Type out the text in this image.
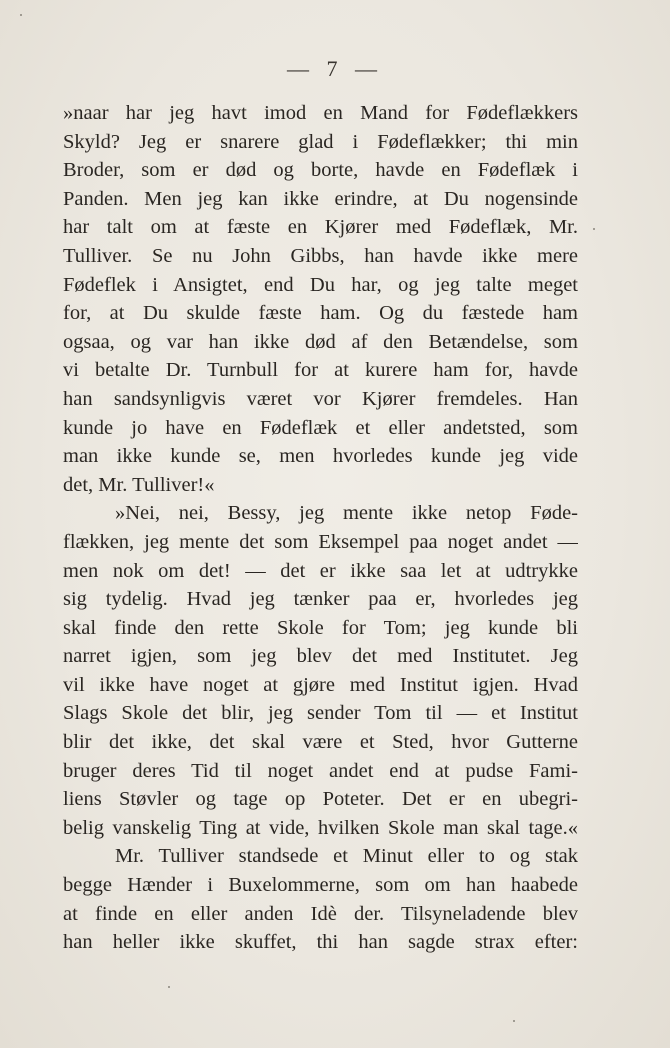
— 7 —
»naar har jeg havt imod en Mand for Fødeflækkers
Skyld? Jeg er snarere glad i Fødeflækker; thi min
Broder, som er død og borte, havde en Fødeflæk i
Panden. Men jeg kan ikke erindre, at Du nogensinde
har talt om at fæste en Kjører med Fødeflæk, Mr.
Tulliver. Se nu John Gibbs, han havde ikke mere
Fødeflek i Ansigtet, end Du har, og jeg talte meget
for, at Du skulde fæste ham. Og du fæstede ham
ogsaa, og var han ikke død af den Betændelse, som
vi betalte Dr. Turnbull for at kurere ham for, havde
han sandsynligvis været vor Kjører fremdeles. Han
kunde jo have en Fødeflæk et eller andetsted, som
man ikke kunde se, men hvorledes kunde jeg vide
det, Mr. Tulliver!«
»Nei, nei, Bessy, jeg mente ikke netop Føde-
flækken, jeg mente det som Eksempel paa noget andet —
men nok om det! — det er ikke saa let at udtrykke
sig tydelig. Hvad jeg tænker paa er, hvorledes jeg
skal finde den rette Skole for Tom; jeg kunde bli
narret igjen, som jeg blev det med Institutet. Jeg
vil ikke have noget at gjøre med Institut igjen. Hvad
Slags Skole det blir, jeg sender Tom til — et Institut
blir det ikke, det skal være et Sted, hvor Gutterne
bruger deres Tid til noget andet end at pudse Fami-
liens Støvler og tage op Poteter. Det er en ubegri-
belig vanskelig Ting at vide, hvilken Skole man skal tage.«
Mr. Tulliver standsede et Minut eller to og stak
begge Hænder i Buxelommerne, som om han haabede
at finde en eller anden Idè der. Tilsyneladende blev
han heller ikke skuffet, thi han sagde strax efter:
